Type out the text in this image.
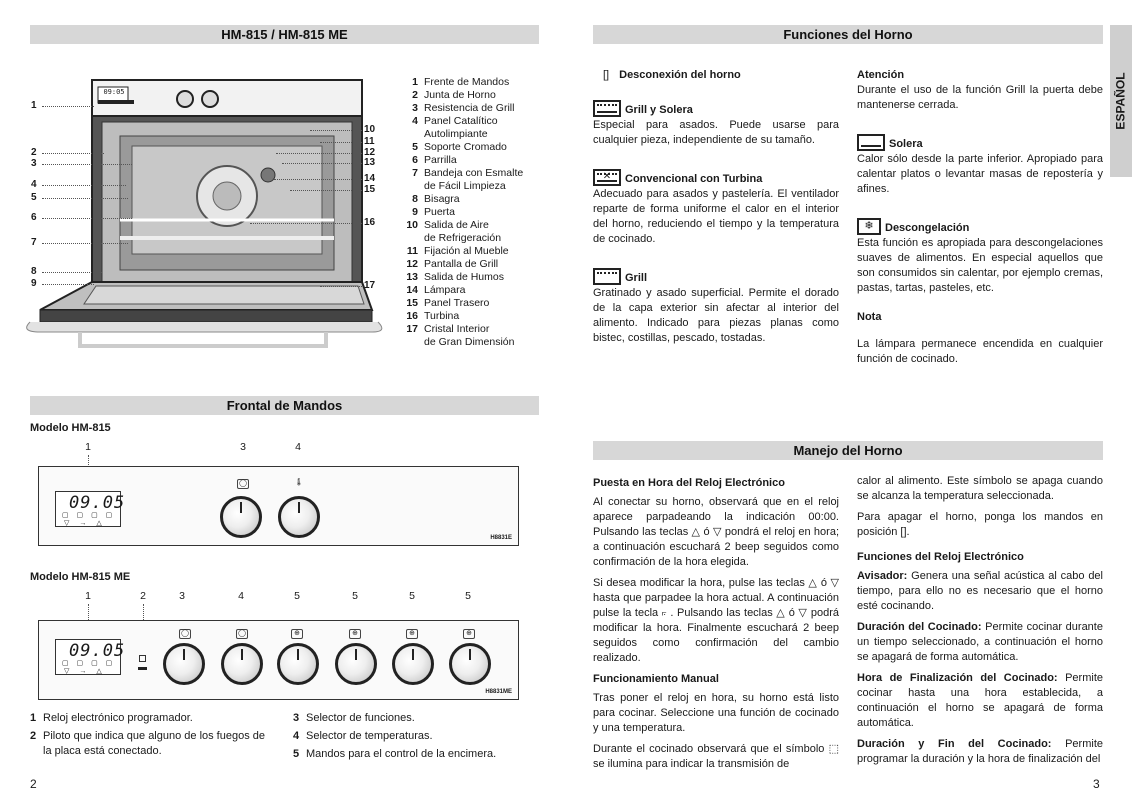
HM-815 / HM-815 ME
09:05
1
2
3
4
5
6
7
8
9
10
11
12
13
14
15
16
17
1 Frente de Mandos
2 Junta de Horno
3 Resistencia de Grill
4 Panel Catalítico
Autolimpiante
5 Soporte Cromado
6 Parrilla
7 Bandeja con Esmalte
de Fácil Limpieza
8 Bisagra
9 Puerta
10 Salida de Aire
de Refrigeración
11 Fijación al Mueble
12 Pantalla de Grill
13 Salida de Humos
14 Lámpara
15 Panel Trasero
16 Turbina
17 Cristal Interior
de Gran Dimensión
Frontal de Mandos
Modelo HM-815
1	3	4
09.05
▢ ▢ ▢ ▢
▽→△
◯	🌡
H8831E
Modelo HM-815 ME
1	2	3	4	5	5	5	5
09.05
▢ ▢ ▢ ▢
▽→△
◯	◯	⊕	⊕	⊕	⊕
H8831ME
1 Reloj electrónico programador.
2 Piloto que indica que alguno de los fuegos de la placa está conectado.
3 Selector de funciones.
4 Selector de temperaturas.
5 Mandos para el control de la encimera.
2
Funciones del Horno
ESPAÑOL
[] Desconexión del horno
Grill y Solera
Especial para asados. Puede usarse para cualquier pieza, independiente de su tamaño.
✕	Convencional con Turbina
Adecuado para asados y pastelería. El ventilador reparte de forma uniforme el calor en el interior del horno, reduciendo el tiempo y la temperatura de cocinado.
Grill
Gratinado y asado superficial. Permite el dorado de la capa exterior sin afectar al interior del alimento. Indicado para piezas planas como bistec, costillas, pescado, tostadas.
Atención
Durante el uso de la función Grill la puerta debe mantenerse cerrada.
Solera
Calor sólo desde la parte inferior. Apropiado para calentar platos o levantar masas de repostería y afines.
❄	Descongelación
Esta función es apropiada para descongelaciones suaves de alimentos. En especial aquellos que son consumidos sin calentar, por ejemplo cremas, pastas, tartas, pasteles, etc.
Nota
La lámpara permanece encendida en cualquier función de cocinado.
Manejo del Horno
Puesta en Hora del Reloj Electrónico
Al conectar su horno, observará que en el reloj aparece parpadeando la indicación 00:00. Pulsando las teclas △ ó ▽ pondrá el reloj en hora; a continuación escuchará 2 beep seguidos como confirmación de la hora elegida.
Si desea modificar la hora, pulse las teclas △ ó ▽ hasta que parpadee la hora actual. A continuación pulse la tecla ⟔ . Pulsando las teclas △ ó ▽ podrá modificar la hora. Finalmente escuchará 2 beep seguidos como confirmación del cambio realizado.
Funcionamiento Manual
Tras poner el reloj en hora, su horno está listo para cocinar. Seleccione una función de cocinado y una temperatura.
Durante el cocinado observará que el símbolo ⬚ se ilumina para indicar la transmisión de
calor al alimento. Este símbolo se apaga cuando se alcanza la temperatura seleccionada.
Para apagar el horno, ponga los mandos en posición [].
Funciones del Reloj Electrónico
Avisador: Genera una señal acústica al cabo del tiempo, para ello no es necesario que el horno esté cocinando.
Duración del Cocinado: Permite cocinar durante un tiempo seleccionado, a continuación el horno se apagará de forma automática.
Hora de Finalización del Cocinado: Permite cocinar hasta una hora establecida, a continuación el horno se apagará de forma automática.
Duración y Fin del Cocinado: Permite programar la duración y la hora de finalización del
3
